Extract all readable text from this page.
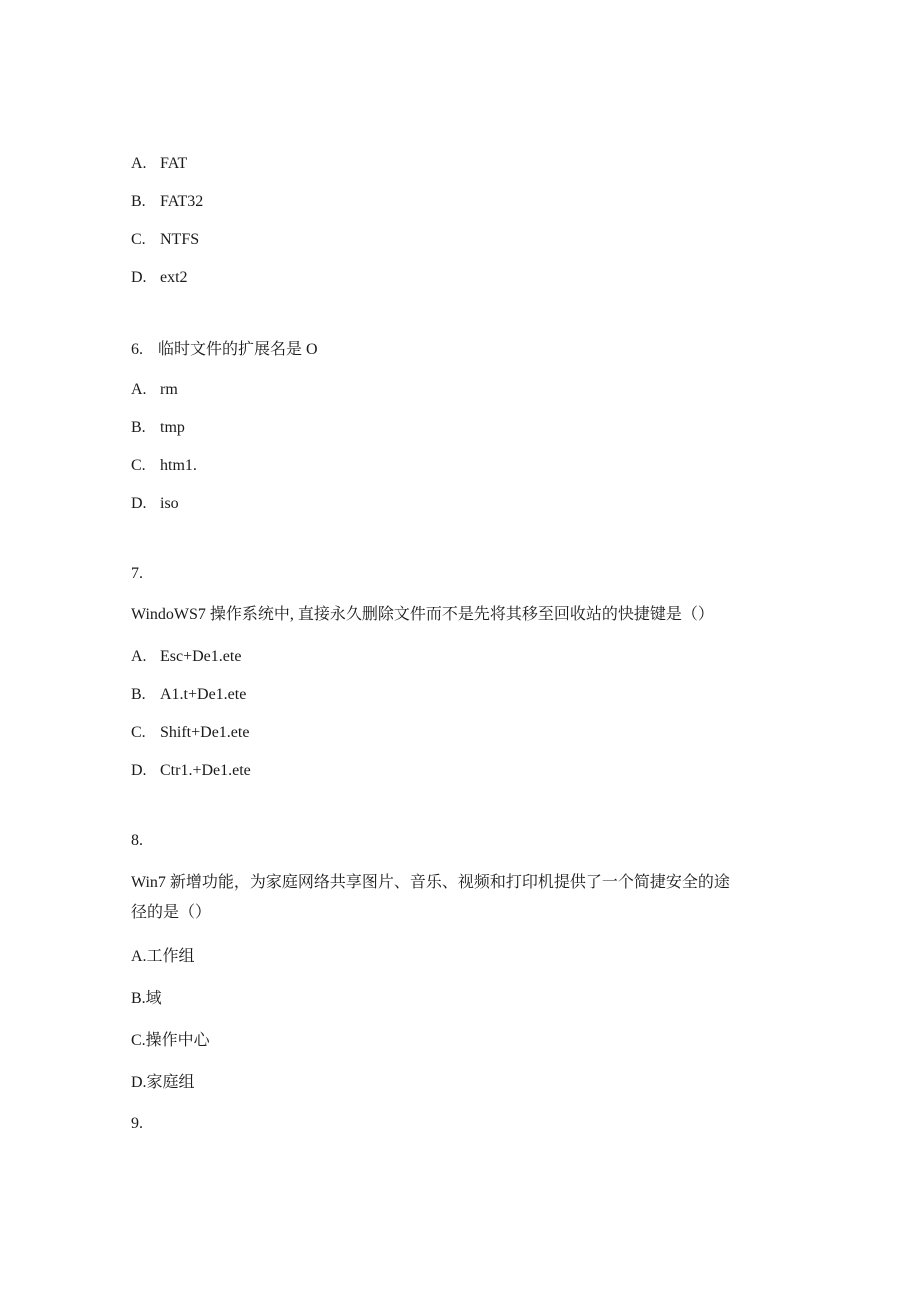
A. FAT
B. FAT32
C. NTFS
D. ext2
6. 临时文件的扩展名是 O
A. rm
B. tmp
C. htm1.
D. iso
7.
WindoWS7 操作系统中, 直接永久删除文件而不是先将其移至回收站的快捷键是（）
A. Esc+De1.ete
B. A1.t+De1.ete
C. Shift+De1.ete
D. Ctr1.+De1.ete
8.
Win7 新增功能，为家庭网络共享图片、音乐、视频和打印机提供了一个简捷安全的途
径的是（）
A.工作组
B.域
C.操作中心
D.家庭组
9.
